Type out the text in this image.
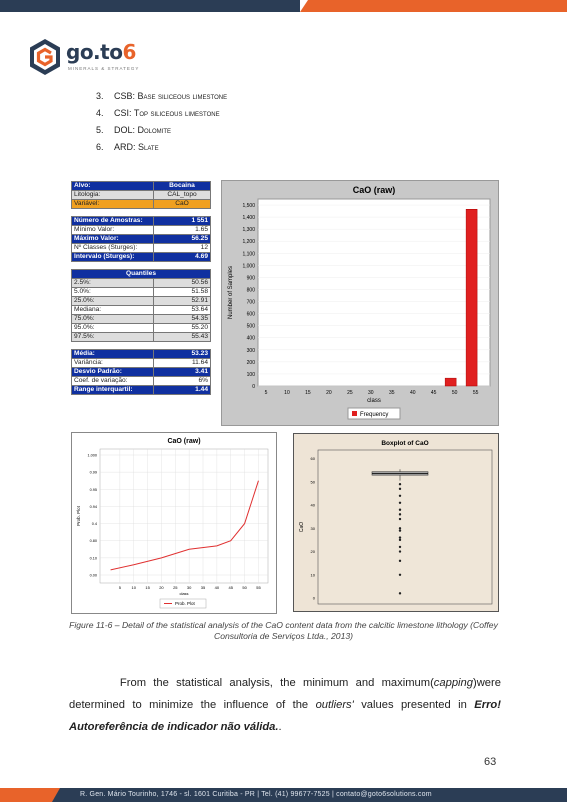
go.to6
MINERALS & STRATEGY
3.	CSB: Base siliceous limestone
4.	CSI: Top siliceous limestone
5.	DOL: Dolomite
6.	ARD: Slate
Alvo:	Bocaina
Litologia:	CAL_topo
Variável:	CaO
Número de Amostras:	1 551
Mínimo Valor:	1.65
Máximo Valor:	56.25
Nº Classes (Sturges):	12
Intervalo (Sturges):	4.69
Quantiles	
2.5%:	50.56
5.0%:	51.58
25.0%:	52.91
Mediana:	53.64
75.0%:	54.35
95.0%:	55.20
97.5%:	55.43
Média:	53.23
Variância:	11.64
Desvio Padrão:	3.41
Coef. de variação:	6%
Range interquartil:	1.44
CaO (raw)
0
100
200
300
400
500
600
700
800
900
1,000
1,100
1,200
1,300
1,400
1,500
5	10	15	20	25	30	35	40	45	50	55
class
Number of Samples
Frequency
CaO (raw)
0.00
0.10
0.80
0.4
0.94
0.95
0.99
1.000
5	10 15 20 25 30 35 40 45 50 55
class
Prob. Plot
Prob. Plot
Boxplot of CaO
0
10
20
30
40
50
60
CaO
Figure 11-6 – Detail of the statistical analysis of the CaO content data from the calcitic limestone lithology (Coffey Consultoria de Serviços Ltda., 2013)
From the statistical analysis, the minimum and maximum(capping)were determined to minimize the influence of the outliers' values presented in Erro! Autoreferência de indicador não válida..
63
R. Gen. Mário Tourinho, 1746 - sl. 1601 Curitiba - PR | Tel. (41) 99677-7525 | contato@goto6solutions.com
